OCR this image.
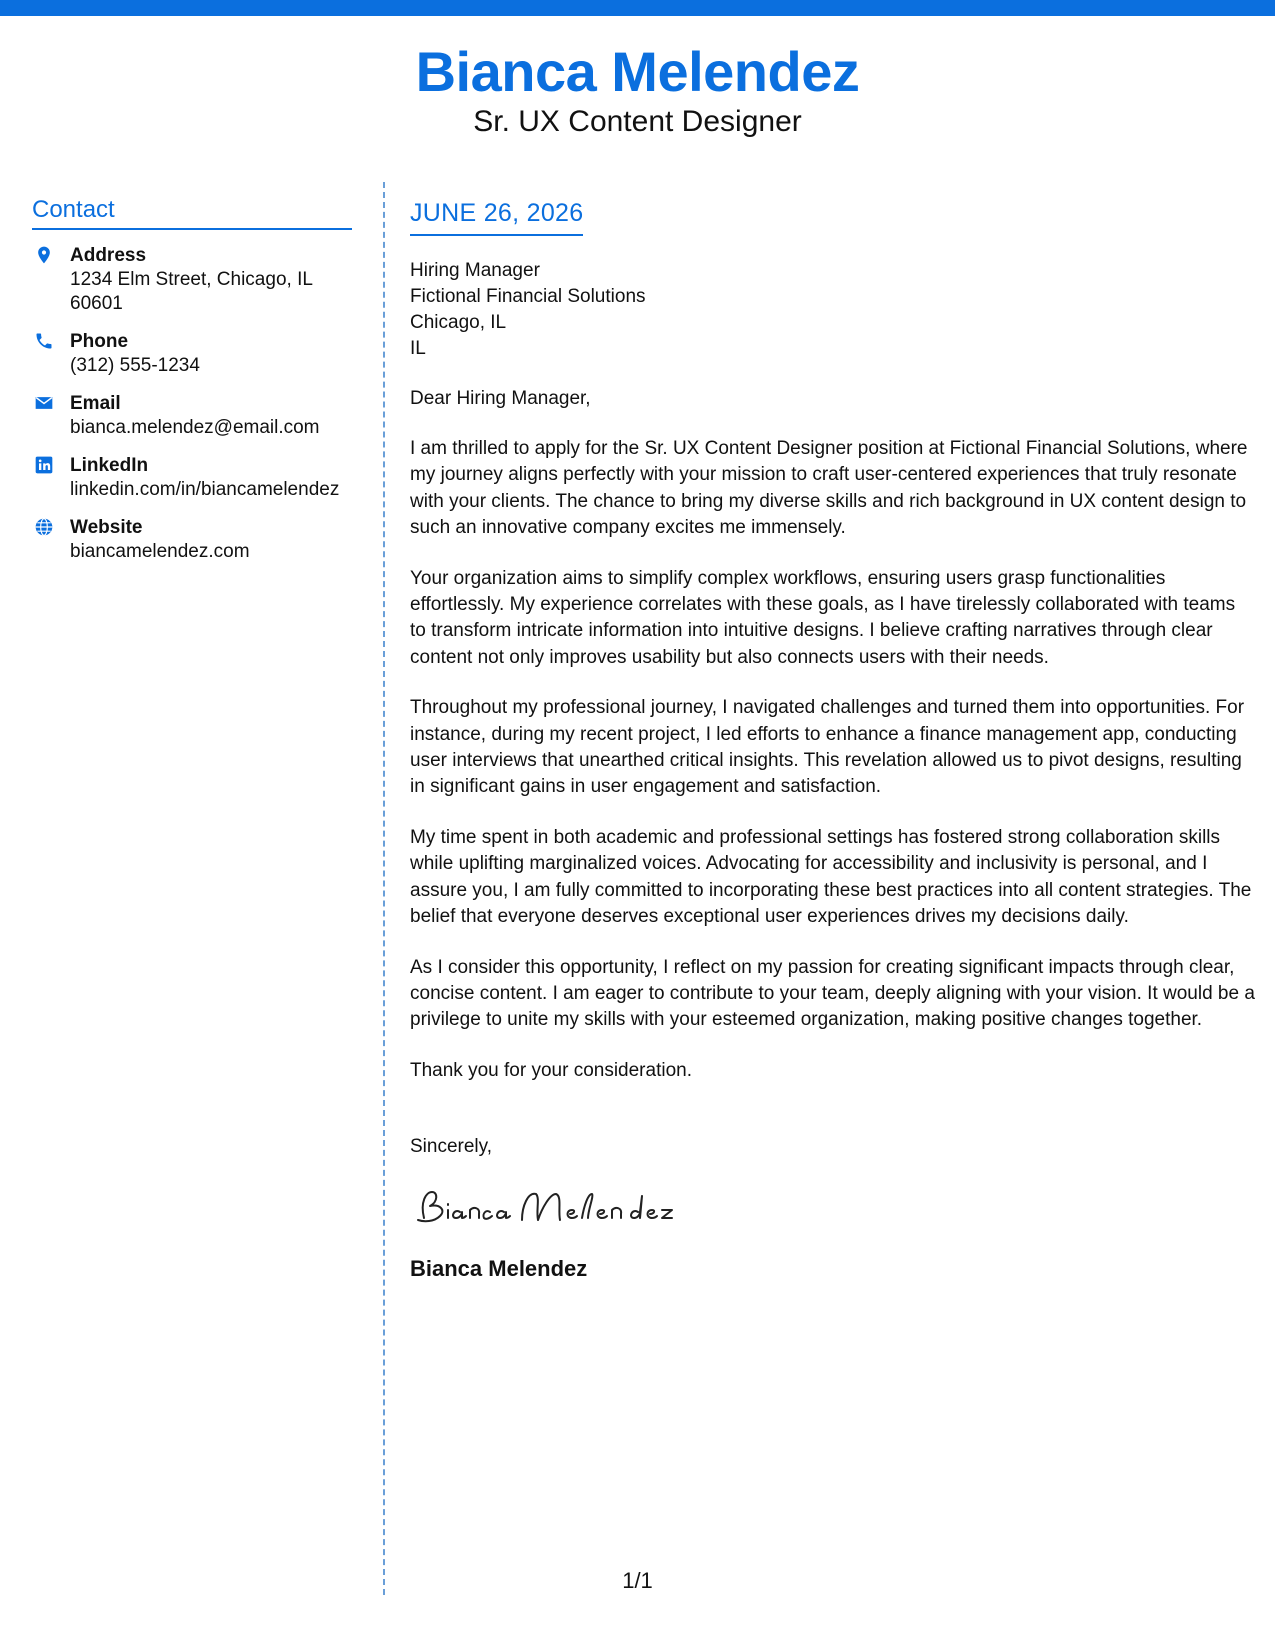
Bianca Melendez
Sr. UX Content Designer
Contact
Address
1234 Elm Street, Chicago, IL
60601
Phone
(312) 555-1234
Email
bianca.melendez@email.com
LinkedIn
linkedin.com/in/biancamelendez
Website
biancamelendez.com
JUNE 26, 2026
Hiring Manager
Fictional Financial Solutions
Chicago, IL
IL
Dear Hiring Manager,
I am thrilled to apply for the Sr. UX Content Designer position at Fictional Financial Solutions, where my journey aligns perfectly with your mission to craft user-centered experiences that truly resonate with your clients. The chance to bring my diverse skills and rich background in UX content design to such an innovative company excites me immensely.
Your organization aims to simplify complex workflows, ensuring users grasp functionalities effortlessly. My experience correlates with these goals, as I have tirelessly collaborated with teams to transform intricate information into intuitive designs. I believe crafting narratives through clear content not only improves usability but also connects users with their needs.
Throughout my professional journey, I navigated challenges and turned them into opportunities. For instance, during my recent project, I led efforts to enhance a finance management app, conducting user interviews that unearthed critical insights. This revelation allowed us to pivot designs, resulting in significant gains in user engagement and satisfaction.
My time spent in both academic and professional settings has fostered strong collaboration skills while uplifting marginalized voices. Advocating for accessibility and inclusivity is personal, and I assure you, I am fully committed to incorporating these best practices into all content strategies. The belief that everyone deserves exceptional user experiences drives my decisions daily.
As I consider this opportunity, I reflect on my passion for creating significant impacts through clear, concise content. I am eager to contribute to your team, deeply aligning with your vision. It would be a privilege to unite my skills with your esteemed organization, making positive changes together.
Thank you for your consideration.
Sincerely,
Bianca Melendez
1/1
